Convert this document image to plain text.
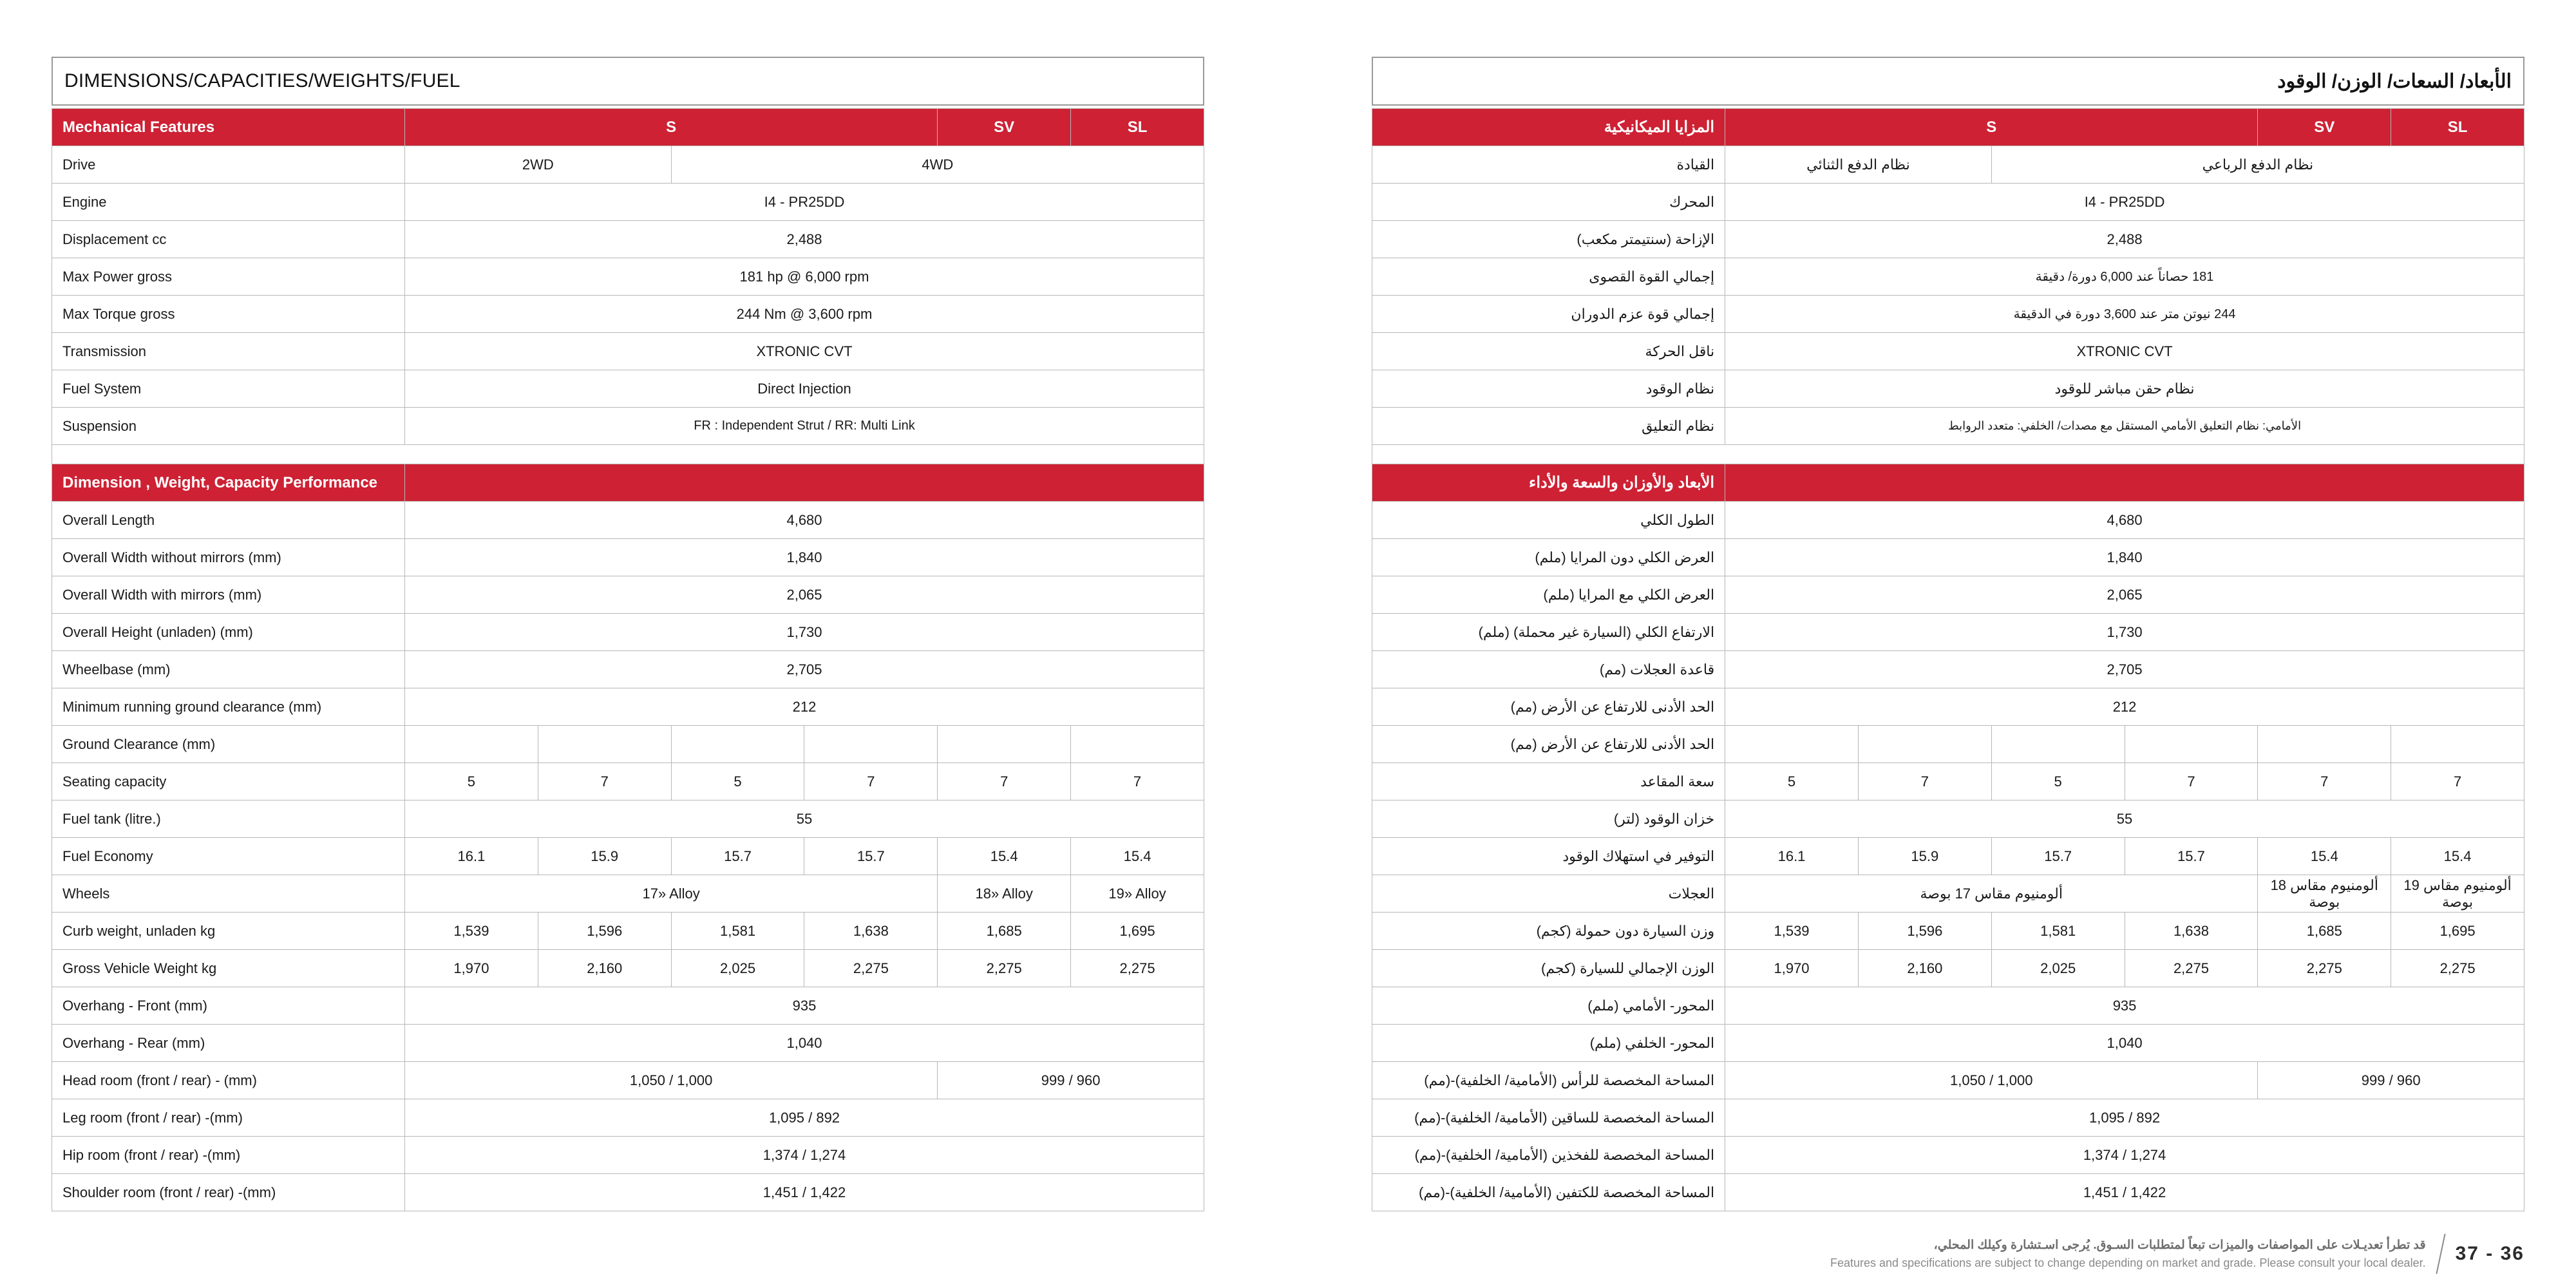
DIMENSIONS/CAPACITIES/WEIGHTS/FUEL
Mechanical Features	S				SV	SL
Drive	2WD		4WD			
Engine	I4 - PR25DD					
Displacement cc	2,488					
Max Power gross	181 hp @ 6,000 rpm					
Max Torque gross	244 Nm @ 3,600 rpm					
Transmission	XTRONIC CVT					
Fuel System	Direct Injection					
Suspension	FR : Independent Strut / RR: Multi Link					

Dimension , Weight, Capacity Performance						
Overall Length	4,680					
Overall Width without mirrors (mm)	1,840					
Overall Width with mirrors (mm)	2,065					
Overall Height (unladen) (mm)	1,730					
Wheelbase (mm)	2,705					
Minimum running ground clearance (mm)	212					
Ground Clearance (mm)						
Seating capacity	5	7	5	7	7	7
Fuel tank (litre.)	55					
Fuel Economy	16.1	15.9	15.7	15.7	15.4	15.4
Wheels	17» Alloy				18» Alloy	19» Alloy
Curb weight, unladen kg	1,539	1,596	1,581	1,638	1,685	1,695
Gross Vehicle Weight kg	1,970	2,160	2,025	2,275	2,275	2,275
Overhang - Front (mm)	935					
Overhang - Rear (mm)	1,040					
Head room (front / rear) - (mm)	1,050 / 1,000				999 / 960	
Leg room (front / rear) -(mm)	1,095 / 892					
Hip room (front / rear) -(mm)	1,374 / 1,274					
Shoulder room (front / rear) -(mm)	1,451 / 1,422					
الأبعاد/ السعات/ الوزن/ الوقود
SL	SV	S				المزايا الميكانيكية
نظام الدفع الرباعي				نظام الدفع الثنائي		القيادة
I4 - PR25DD						المحرك
2,488						الإزاحة (سنتيمتر مكعب)
181 حصاناً عند 6,000 دورة/ دقيقة						إجمالي القوة القصوى
244 نيوتن متر عند 3,600 دورة في الدقيقة						إجمالي قوة عزم الدوران
XTRONIC CVT						ناقل الحركة
نظام حقن مباشر للوقود						نظام الوقود
الأمامي: نظام التعليق الأمامي المستقل مع مصدات/ الخلفي: متعدد الروابط						نظام التعليق

						الأبعاد والأوزان والسعة والأداء
4,680						الطول الكلي
1,840						العرض الكلي دون المرايا (ملم)
2,065						العرض الكلي مع المرايا (ملم)
1,730						الارتفاع الكلي (السيارة غير محملة) (ملم)
2,705						قاعدة العجلات (مم)
212						الحد الأدنى للارتفاع عن الأرض (مم)
						الحد الأدنى للارتفاع عن الأرض (مم)
7	7	7	5	7	5	سعة المقاعد
55						خزان الوقود (لتر)
15.4	15.4	15.7	15.7	15.9	16.1	التوفير في استهلاك الوقود
ألومنيوم مقاس 19 بوصة	ألومنيوم مقاس 18 بوصة	ألومنيوم مقاس 17 بوصة				العجلات
1,695	1,685	1,638	1,581	1,596	1,539	وزن السيارة دون حمولة (كجم)
2,275	2,275	2,275	2,025	2,160	1,970	الوزن الإجمالي للسيارة (كجم)
935						المحور- الأمامي (ملم)
1,040						المحور- الخلفي (ملم)
960 / 999		1,000 / 1,050				المساحة المخصصة للرأس (الأمامية/ الخلفية)-(مم)
892 / 1,095						المساحة المخصصة للساقين (الأمامية/ الخلفية)-(مم)
1,274 / 1,374						المساحة المخصصة للفخذين (الأمامية/ الخلفية)-(مم)
1,422 / 1,451						المساحة المخصصة للكتفين (الأمامية/ الخلفية)-(مم)
قد تطرأ تعديـلات على المواصفات والميزات تبعاً لمتطلبات السـوق. يُرجى اسـتشارة وكيلك المحلي،
Features and specifications are subject to change depending on market and grade. Please consult your local dealer. 37 - 36
